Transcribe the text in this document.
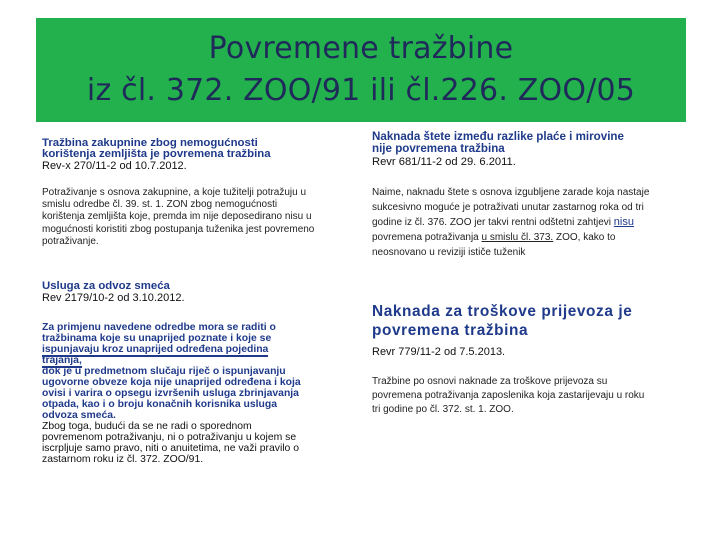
Povremene tražbine
iz čl. 372. ZOO/91 ili čl.226. ZOO/05
Tražbina zakupnine zbog nemogućnosti
korištenja zemljišta je povremena tražbina
Rev-x 270/11-2 od 10.7.2012.
Potraživanje s osnova zakupnine, a koje tužitelji potražuju u
smislu odredbe čl. 39. st. 1. ZON zbog nemogućnosti
korištenja zemljišta koje, premda im nije deposedirano nisu u
mogućnosti koristiti zbog postupanja tuženika jest povremeno
potraživanje.
Usluga za odvoz smeća
Rev 2179/10-2 od 3.10.2012.
Za primjenu navedene odredbe mora se raditi o
tražbinama koje su unaprijed poznate i koje se
ispunjavaju kroz unaprijed određena pojedina
trajanja,
dok je u predmetnom slučaju riječ o ispunjavanju
ugovorne obveze koja nije unaprijed određena i koja
ovisi i varira o opsegu izvršenih usluga zbrinjavanja
otpada, kao i o broju konačnih korisnika usluga
odvoza smeća.
Zbog toga, budući da se ne radi o sporednom
povremenom potraživanju, ni o potraživanju u kojem se
iscrpljuje samo pravo, niti o anuitetima, ne važi pravilo o
zastarnom roku iz čl. 372. ZOO/91.
Naknada štete između razlike plaće i mirovine
nije povremena tražbina
Revr 681/11-2 od 29. 6.2011.
Naime, naknadu štete s osnova izgubljene zarade koja nastaje
sukcesivno moguće je potraživati unutar zastarnog roka od tri
godine iz čl. 376. ZOO jer takvi rentni odštetni zahtjevi nisu
povremena potraživanja u smislu čl. 373. ZOO, kako to
neosnovano u reviziji ističe tuženik
Naknada za troškove prijevoza je
povremena tražbina
Revr 779/11-2 od 7.5.2013.
Tražbine po osnovi naknade za troškove prijevoza su
povremena potraživanja zaposlenika koja zastarijevaju u roku
tri godine po čl. 372. st. 1. ZOO.
